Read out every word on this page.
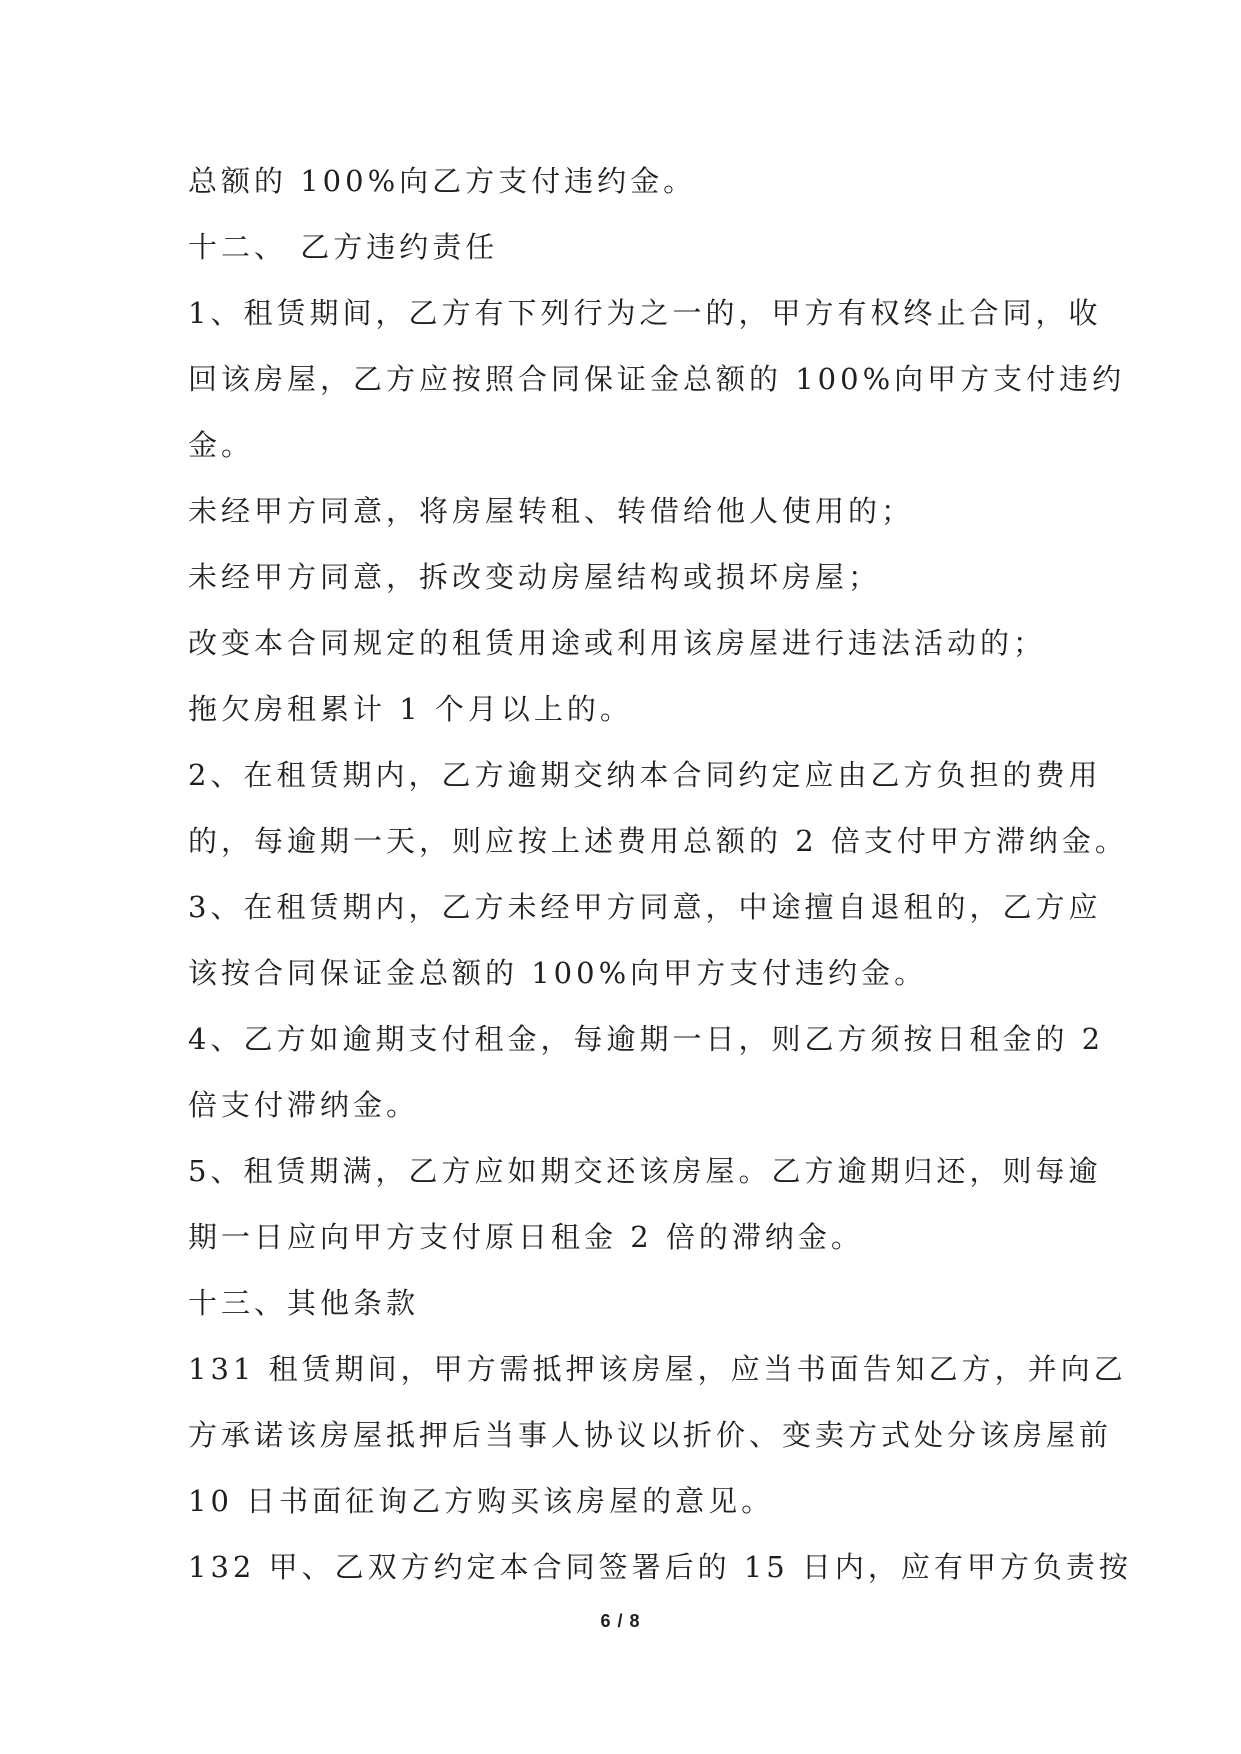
总额的 100%向乙方支付违约金。
十二、 乙方违约责任
1、租赁期间，乙方有下列行为之一的，甲方有权终止合同，收
回该房屋，乙方应按照合同保证金总额的 100%向甲方支付违约
金。
未经甲方同意，将房屋转租、转借给他人使用的；
未经甲方同意，拆改变动房屋结构或损坏房屋；
改变本合同规定的租赁用途或利用该房屋进行违法活动的；
拖欠房租累计 1 个月以上的。
2、在租赁期内，乙方逾期交纳本合同约定应由乙方负担的费用
的，每逾期一天，则应按上述费用总额的 2 倍支付甲方滞纳金。
3、在租赁期内，乙方未经甲方同意，中途擅自退租的，乙方应
该按合同保证金总额的 100%向甲方支付违约金。
4、乙方如逾期支付租金，每逾期一日，则乙方须按日租金的 2
倍支付滞纳金。
5、租赁期满，乙方应如期交还该房屋。乙方逾期归还，则每逾
期一日应向甲方支付原日租金 2 倍的滞纳金。
十三、其他条款
131 租赁期间，甲方需抵押该房屋，应当书面告知乙方，并向乙
方承诺该房屋抵押后当事人协议以折价、变卖方式处分该房屋前
10 日书面征询乙方购买该房屋的意见。
132 甲、乙双方约定本合同签署后的 15 日内，应有甲方负责按
6 / 8
